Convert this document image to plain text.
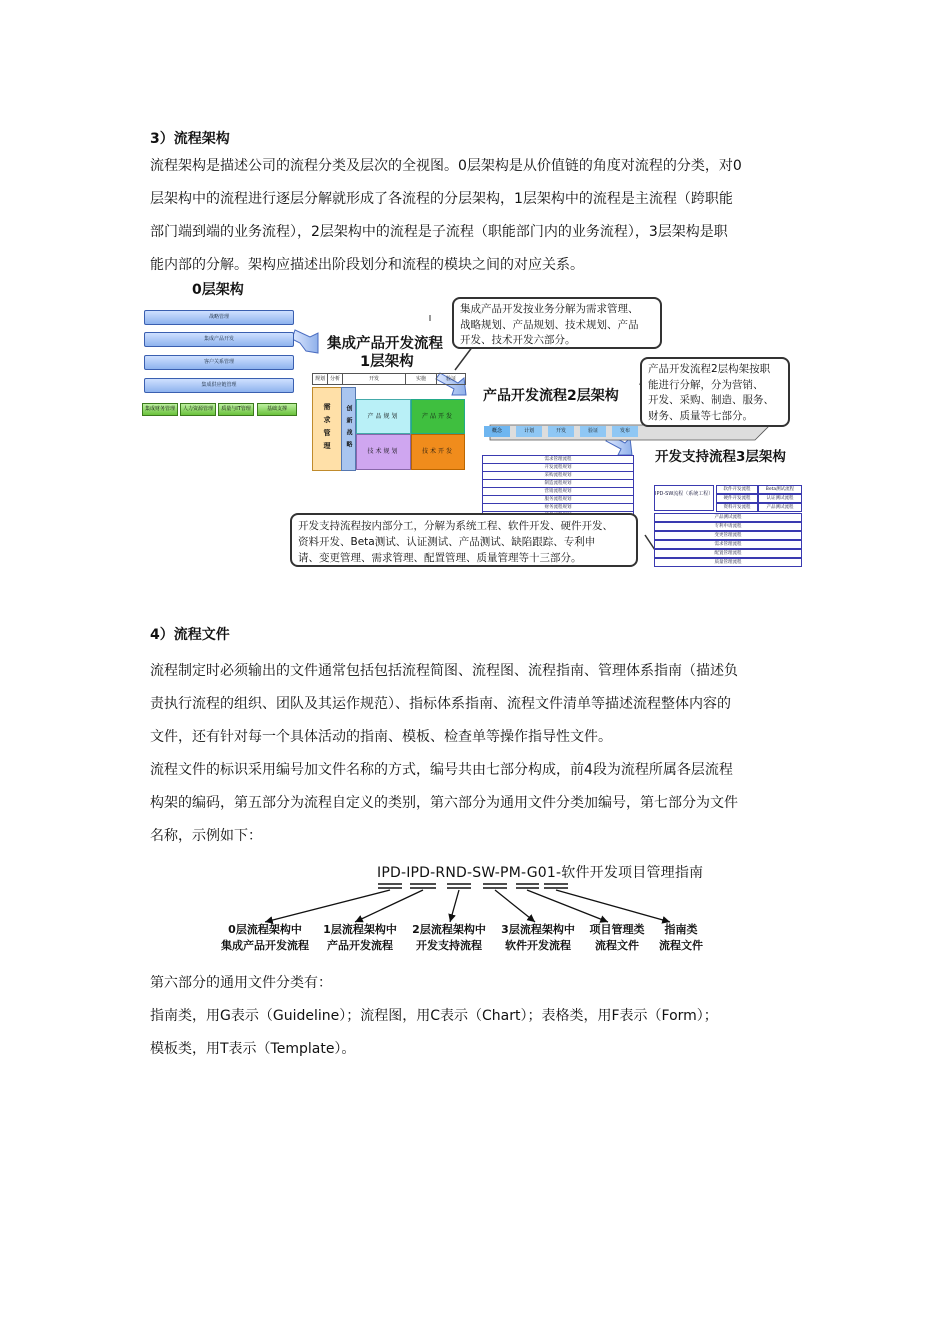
3）流程架构
流程架构是描述公司的流程分类及层次的全视图。0层架构是从价值链的角度对流程的分类，对0
层架构中的流程进行逐层分解就形成了各流程的分层架构，1层架构中的流程是主流程（跨职能
部门端到端的业务流程），2层架构中的流程是子流程（职能部门内的业务流程），3层架构是职
能内部的分解。架构应描述出阶段划分和流程的模块之间的对应关系。
0层架构
战略管理
集成产品开发
客户关系管理
集成供应链管理
集成财务管理	人力资源管理	质量与IT管理	基础支撑
集成产品开发流程
1层架构
规划 分析	开发	实施	验证
需求管理	创新战略	产品规划	产品开发
技术规划	技术开发
集成产品开发按业务分解为需求管理、
战略规划、产品规划、技术规划、产品
开发、技术开发六部分。
产品开发流程2层架构
产品开发流程2层构架按职
能进行分解，分为营销、
开发、采购、制造、服务、
财务、质量等七部分。
概念	计划	开发	验证	发布
需求管理流程
开发流程规划
采购流程规划
制造流程规划
营销流程规划
服务流程规划
财务流程规划
开发支持流程3层架构
IPD-SW流程（系统工程）
软件开发流程	Beta测试流程
硬件开发流程	认证测试流程
资料开发流程	产品测试流程
产品测试流程
专利申请流程
变更管理流程
需求管理流程
配置管理流程
质量管理流程
开发支持流程按内部分工，分解为系统工程、软件开发、硬件开发、
资料开发、Beta测试、认证测试、产品测试、缺陷跟踪、专利申
请、变更管理、需求管理、配置管理、质量管理等十三部分。
4）流程文件
流程制定时必须输出的文件通常包括包括流程简图、流程图、流程指南、管理体系指南（描述负
责执行流程的组织、团队及其运作规范）、指标体系指南、流程文件清单等描述流程整体内容的
文件，还有针对每一个具体活动的指南、模板、检查单等操作指导性文件。
流程文件的标识采用编号加文件名称的方式，编号共由七部分构成，前4段为流程所属各层流程
构架的编码，第五部分为流程自定义的类别，第六部分为通用文件分类加编号，第七部分为文件
名称，示例如下：
IPD-IPD-RND-SW-PM-G01-软件开发项目管理指南
0层流程架构中
集成产品开发流程
1层流程架构中
产品开发流程
2层流程架构中
开发支持流程
3层流程架构中
软件开发流程
项目管理类
流程文件
指南类
流程文件
第六部分的通用文件分类有：
指南类，用G表示（Guideline）；流程图，用C表示（Chart）；表格类，用F表示（Form）；
模板类，用T表示（Template）。
